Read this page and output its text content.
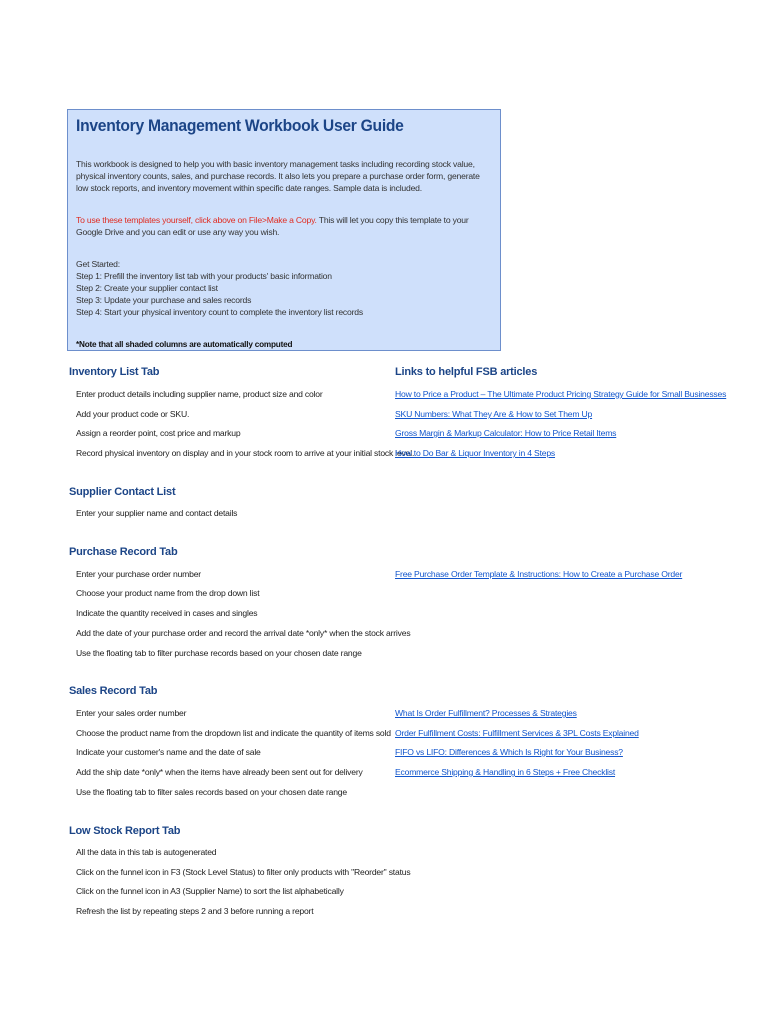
Inventory Management Workbook User Guide

This workbook is designed to help you with basic inventory management tasks including recording stock value, physical inventory counts, sales, and purchase records. It also lets you prepare a purchase order form, generate low stock reports, and inventory movement within specific date ranges. Sample data is included.

To use these templates yourself, click above on File>Make a Copy. This will let you copy this template to your Google Drive and you can edit or use any way you wish.

Get Started:

Step 1: Prefill the inventory list tab with your products' basic information

Step 2: Create your supplier contact list

Step 3: Update your purchase and sales records

Step 4: Start your physical inventory count to complete the inventory list records

*Note that all shaded columns are automatically computed

Inventory List Tab
Enter product details including supplier name, product size and color
Add your product code or SKU.
Assign a reorder point, cost price and markup
Record physical inventory on display and in your stock room to arrive at your initial stock level.
Links to helpful FSB articles
How to Price a Product – The Ultimate Product Pricing Strategy Guide for Small Businesses
SKU Numbers: What They Are & How to Set Them Up
Gross Margin & Markup Calculator: How to Price Retail Items
How to Do Bar & Liquor Inventory in 4 Steps
Supplier Contact List
Enter your supplier name and contact details
Purchase Record Tab
Enter your purchase order number
Choose your product name from the drop down list
Indicate the quantity received in cases and singles
Add the date of your purchase order and record the arrival date *only* when the stock arrives
Use the floating tab to filter purchase records based on your chosen date range
Free Purchase Order Template & Instructions: How to Create a Purchase Order
Sales Record Tab
Enter your sales order number
Choose the product name from the dropdown list and indicate the quantity of items sold
Indicate your customer's name and the date of sale
Add the ship date *only* when the items have already been sent out for delivery
Use the floating tab to filter sales records based on your chosen date range
What Is Order Fulfillment? Processes & Strategies
Order Fulfillment Costs: Fulfillment Services & 3PL Costs Explained
FIFO vs LIFO: Differences & Which Is Right for Your Business?
Ecommerce Shipping & Handling in 6 Steps + Free Checklist
Low Stock Report Tab
All the data in this tab is autogenerated
Click on the funnel icon in F3 (Stock Level Status) to filter only products with "Reorder" status
Click on the funnel icon in A3 (Supplier Name) to sort the list alphabetically
Refresh the list by repeating steps 2 and 3 before running a report
